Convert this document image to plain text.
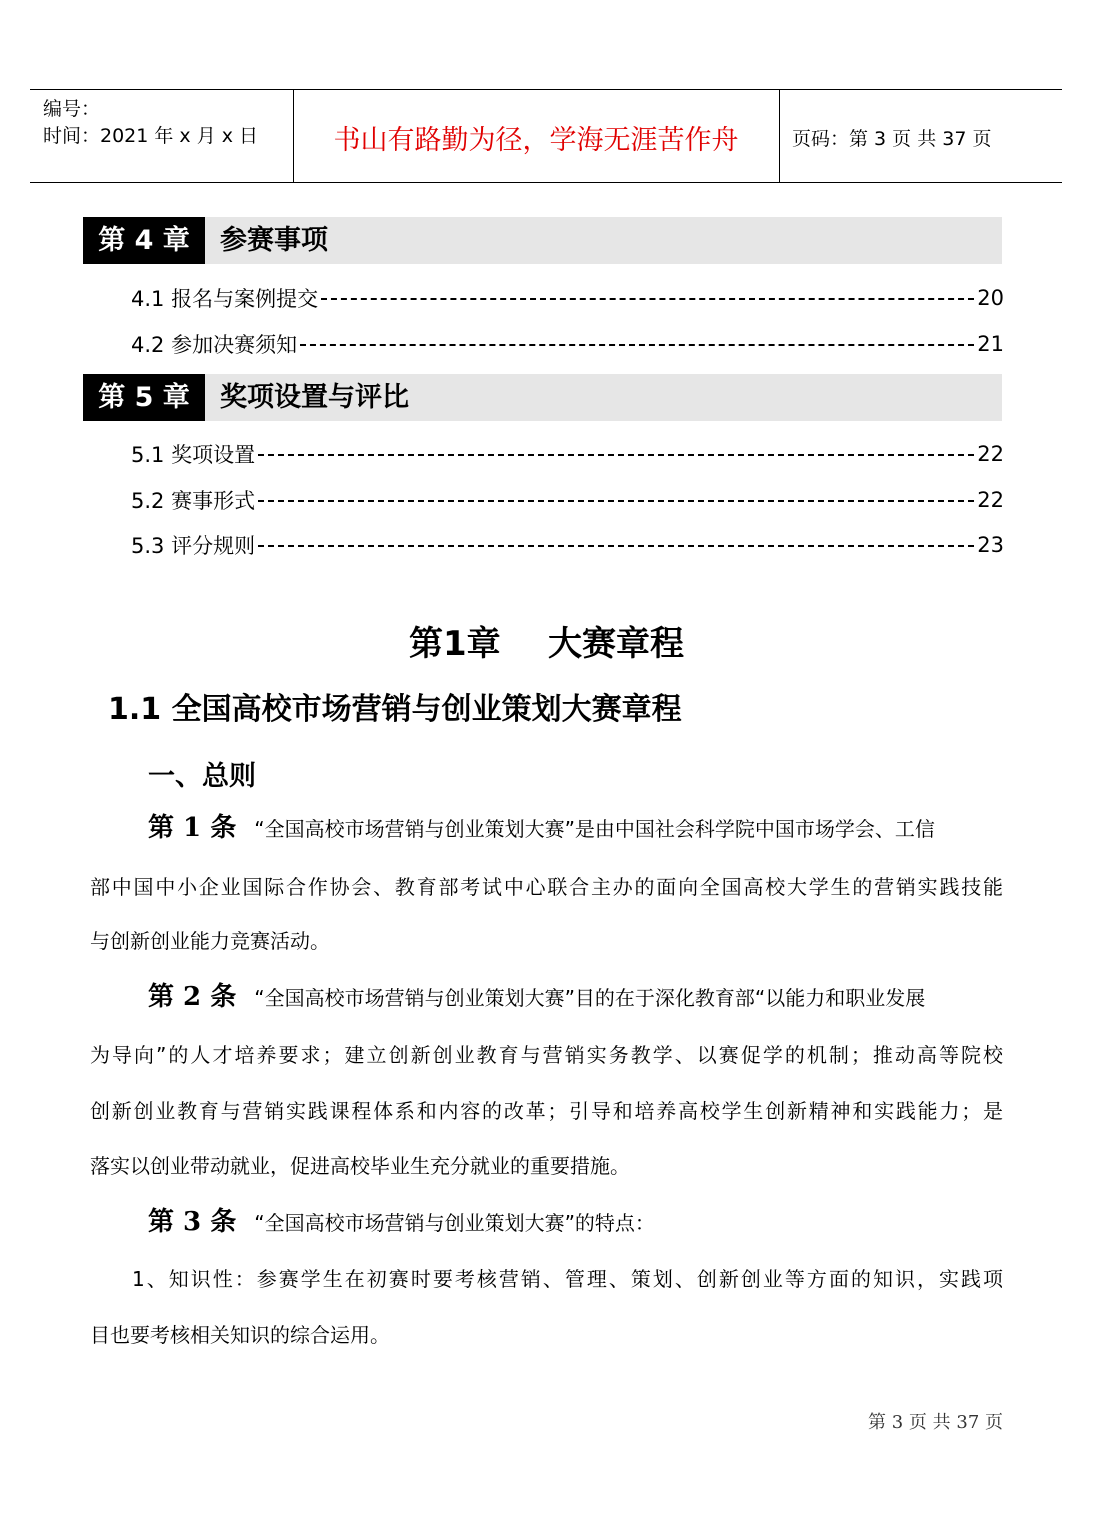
编号：
时间：2021 年 x 月 x 日	书山有路勤为径，学海无涯苦作舟	页码：第 3 页 共 37 页
第 4 章	参赛事项
4.1 报名与案例提交	20
4.2 参加决赛须知	21
第 5 章	奖项设置与评比
5.1 奖项设置	22
5.2 赛事形式	22
5.3 评分规则	23
第1章    大赛章程
1.1 全国高校市场营销与创业策划大赛章程
一、总则
第 1 条 “全国高校市场营销与创业策划大赛”是由中国社会科学院中国市场学会、工信
部中国中小企业国际合作协会、教育部考试中心联合主办的面向全国高校大学生的营销实践技能
与创新创业能力竞赛活动。
第 2 条 “全国高校市场营销与创业策划大赛”目的在于深化教育部“以能力和职业发展
为导向”的人才培养要求；建立创新创业教育与营销实务教学、以赛促学的机制；推动高等院校
创新创业教育与营销实践课程体系和内容的改革；引导和培养高校学生创新精神和实践能力；是
落实以创业带动就业，促进高校毕业生充分就业的重要措施。
第 3 条 “全国高校市场营销与创业策划大赛”的特点：
1、知识性：参赛学生在初赛时要考核营销、管理、策划、创新创业等方面的知识，实践项
目也要考核相关知识的综合运用。
第 3 页 共 37 页
